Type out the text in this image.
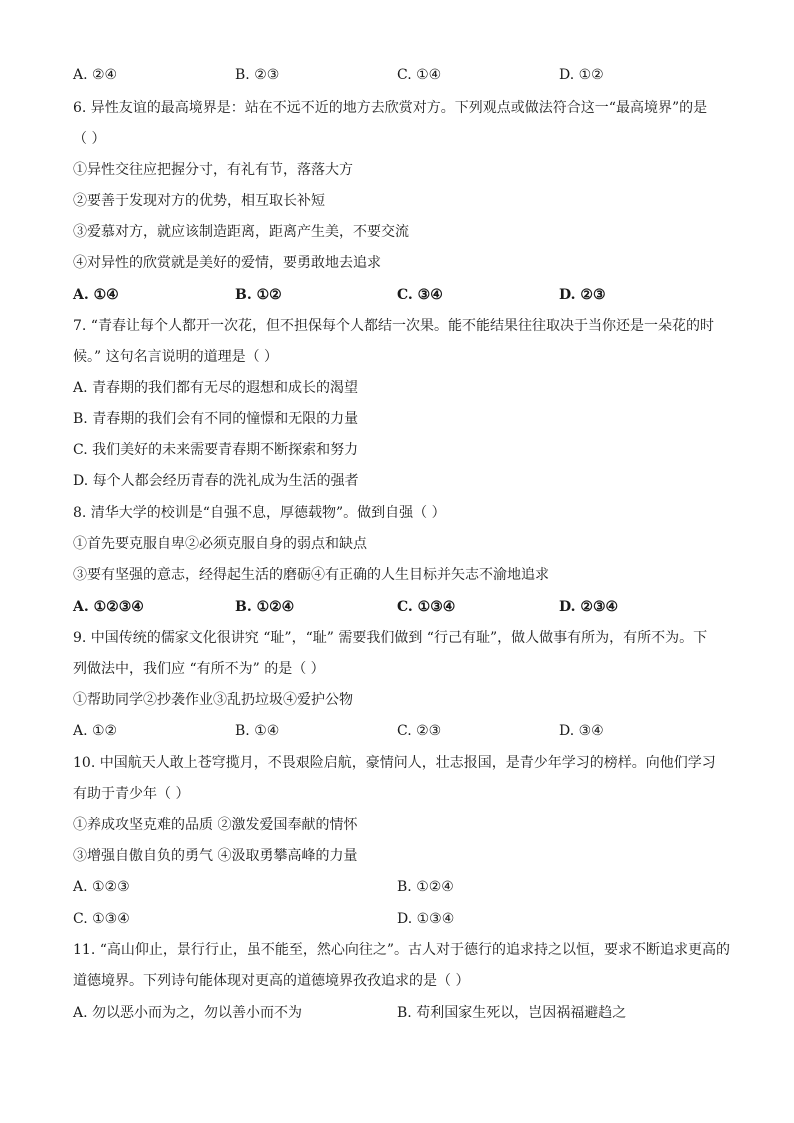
A. ②④	B. ②③	C. ①④	D. ①②
6. 异性友谊的最高境界是：站在不远不近的地方去欣赏对方。下列观点或做法符合这一“最高境界”的是
（ ）
①异性交往应把握分寸，有礼有节，落落大方
②要善于发现对方的优势，相互取长补短
③爱慕对方，就应该制造距离，距离产生美，不要交流
④对异性的欣赏就是美好的爱情，要勇敢地去追求
A. ①④	B. ①②	C. ③④	D. ②③
7. “青春让每个人都开一次花，但不担保每个人都结一次果。能不能结果往往取决于当你还是一朵花的时
候。” 这句名言说明的道理是（ ）
A. 青春期的我们都有无尽的遐想和成长的渴望
B. 青春期的我们会有不同的憧憬和无限的力量
C. 我们美好的未来需要青春期不断探索和努力
D. 每个人都会经历青春的洗礼成为生活的强者
8. 清华大学的校训是“自强不息，厚德载物”。做到自强（ ）
①首先要克服自卑②必须克服自身的弱点和缺点
③要有坚强的意志，经得起生活的磨砺④有正确的人生目标并矢志不渝地追求
A. ①②③④	B. ①②④	C. ①③④	D. ②③④
9. 中国传统的儒家文化很讲究 “耻”，“耻” 需要我们做到 “行己有耻”，做人做事有所为，有所不为。下
列做法中，我们应 “有所不为” 的是（ ）
①帮助同学②抄袭作业③乱扔垃圾④爱护公物
A. ①②	B. ①④	C. ②③	D. ③④
10. 中国航天人敢上苍穹揽月，不畏艰险启航，豪情问人，壮志报国，是青少年学习的榜样。向他们学习
有助于青少年（ ）
①养成攻坚克难的品质 ②激发爱国奉献的情怀
③增强自傲自负的勇气 ④汲取勇攀高峰的力量
A. ①②③	B. ①②④
C. ①③④	D. ①③④
11. “高山仰止，景行行止，虽不能至，然心向往之”。古人对于德行的追求持之以恒，要求不断追求更高的
道德境界。下列诗句能体现对更高的道德境界孜孜追求的是（ ）
A. 勿以恶小而为之，勿以善小而不为	B. 苟利国家生死以，岂因祸福避趋之
